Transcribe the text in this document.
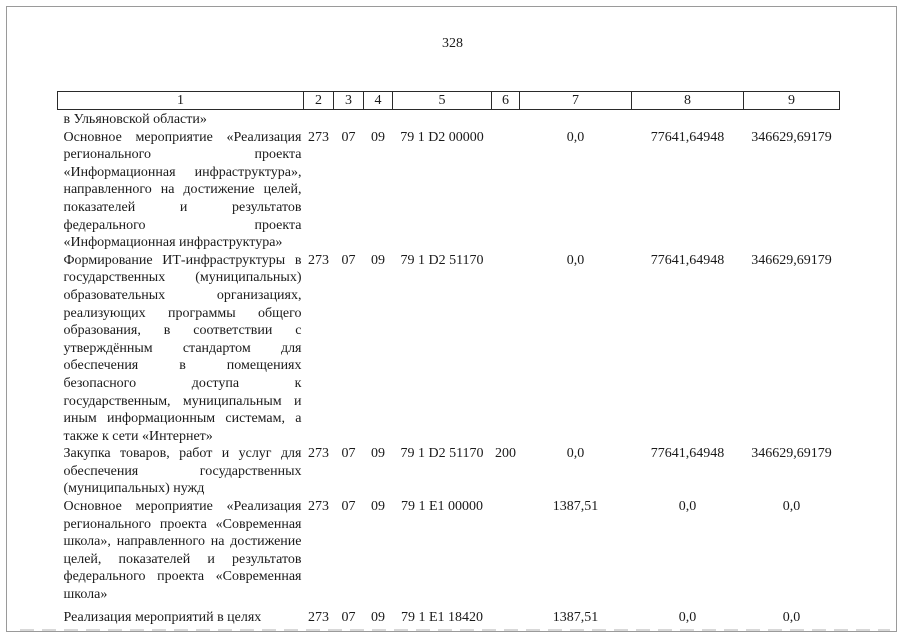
328
1	2	3	4	5	6	7	8	9
в Ульяновской области»								
Основное мероприятие «Реализация регионального проекта «Информационная инфраструктура», направленного на достижение целей, показателей и результатов федерального проекта «Информационная инфраструктура»	273	07	09	79 1 D2 00000		0,0	77641,64948	346629,69179
Формирование ИТ-инфраструктуры в государственных (муниципальных) образовательных организациях, реализующих программы общего образования, в соответствии с утверждённым стандартом для обеспечения в помещениях безопасного доступа к государственным, муниципальным и иным информационным системам, а также к сети «Интернет»	273	07	09	79 1 D2 51170		0,0	77641,64948	346629,69179
Закупка товаров, работ и услуг для обеспечения государственных (муниципальных) нужд	273	07	09	79 1 D2 51170	200	0,0	77641,64948	346629,69179
Основное мероприятие «Реализация регионального проекта «Современная школа», направленного на достижение целей, показателей и результатов федерального проекта «Современная школа»	273	07	09	79 1 E1 00000		1387,51	0,0	0,0
Реализация мероприятий в целях	273	07	09	79 1 E1 18420		1387,51	0,0	0,0
